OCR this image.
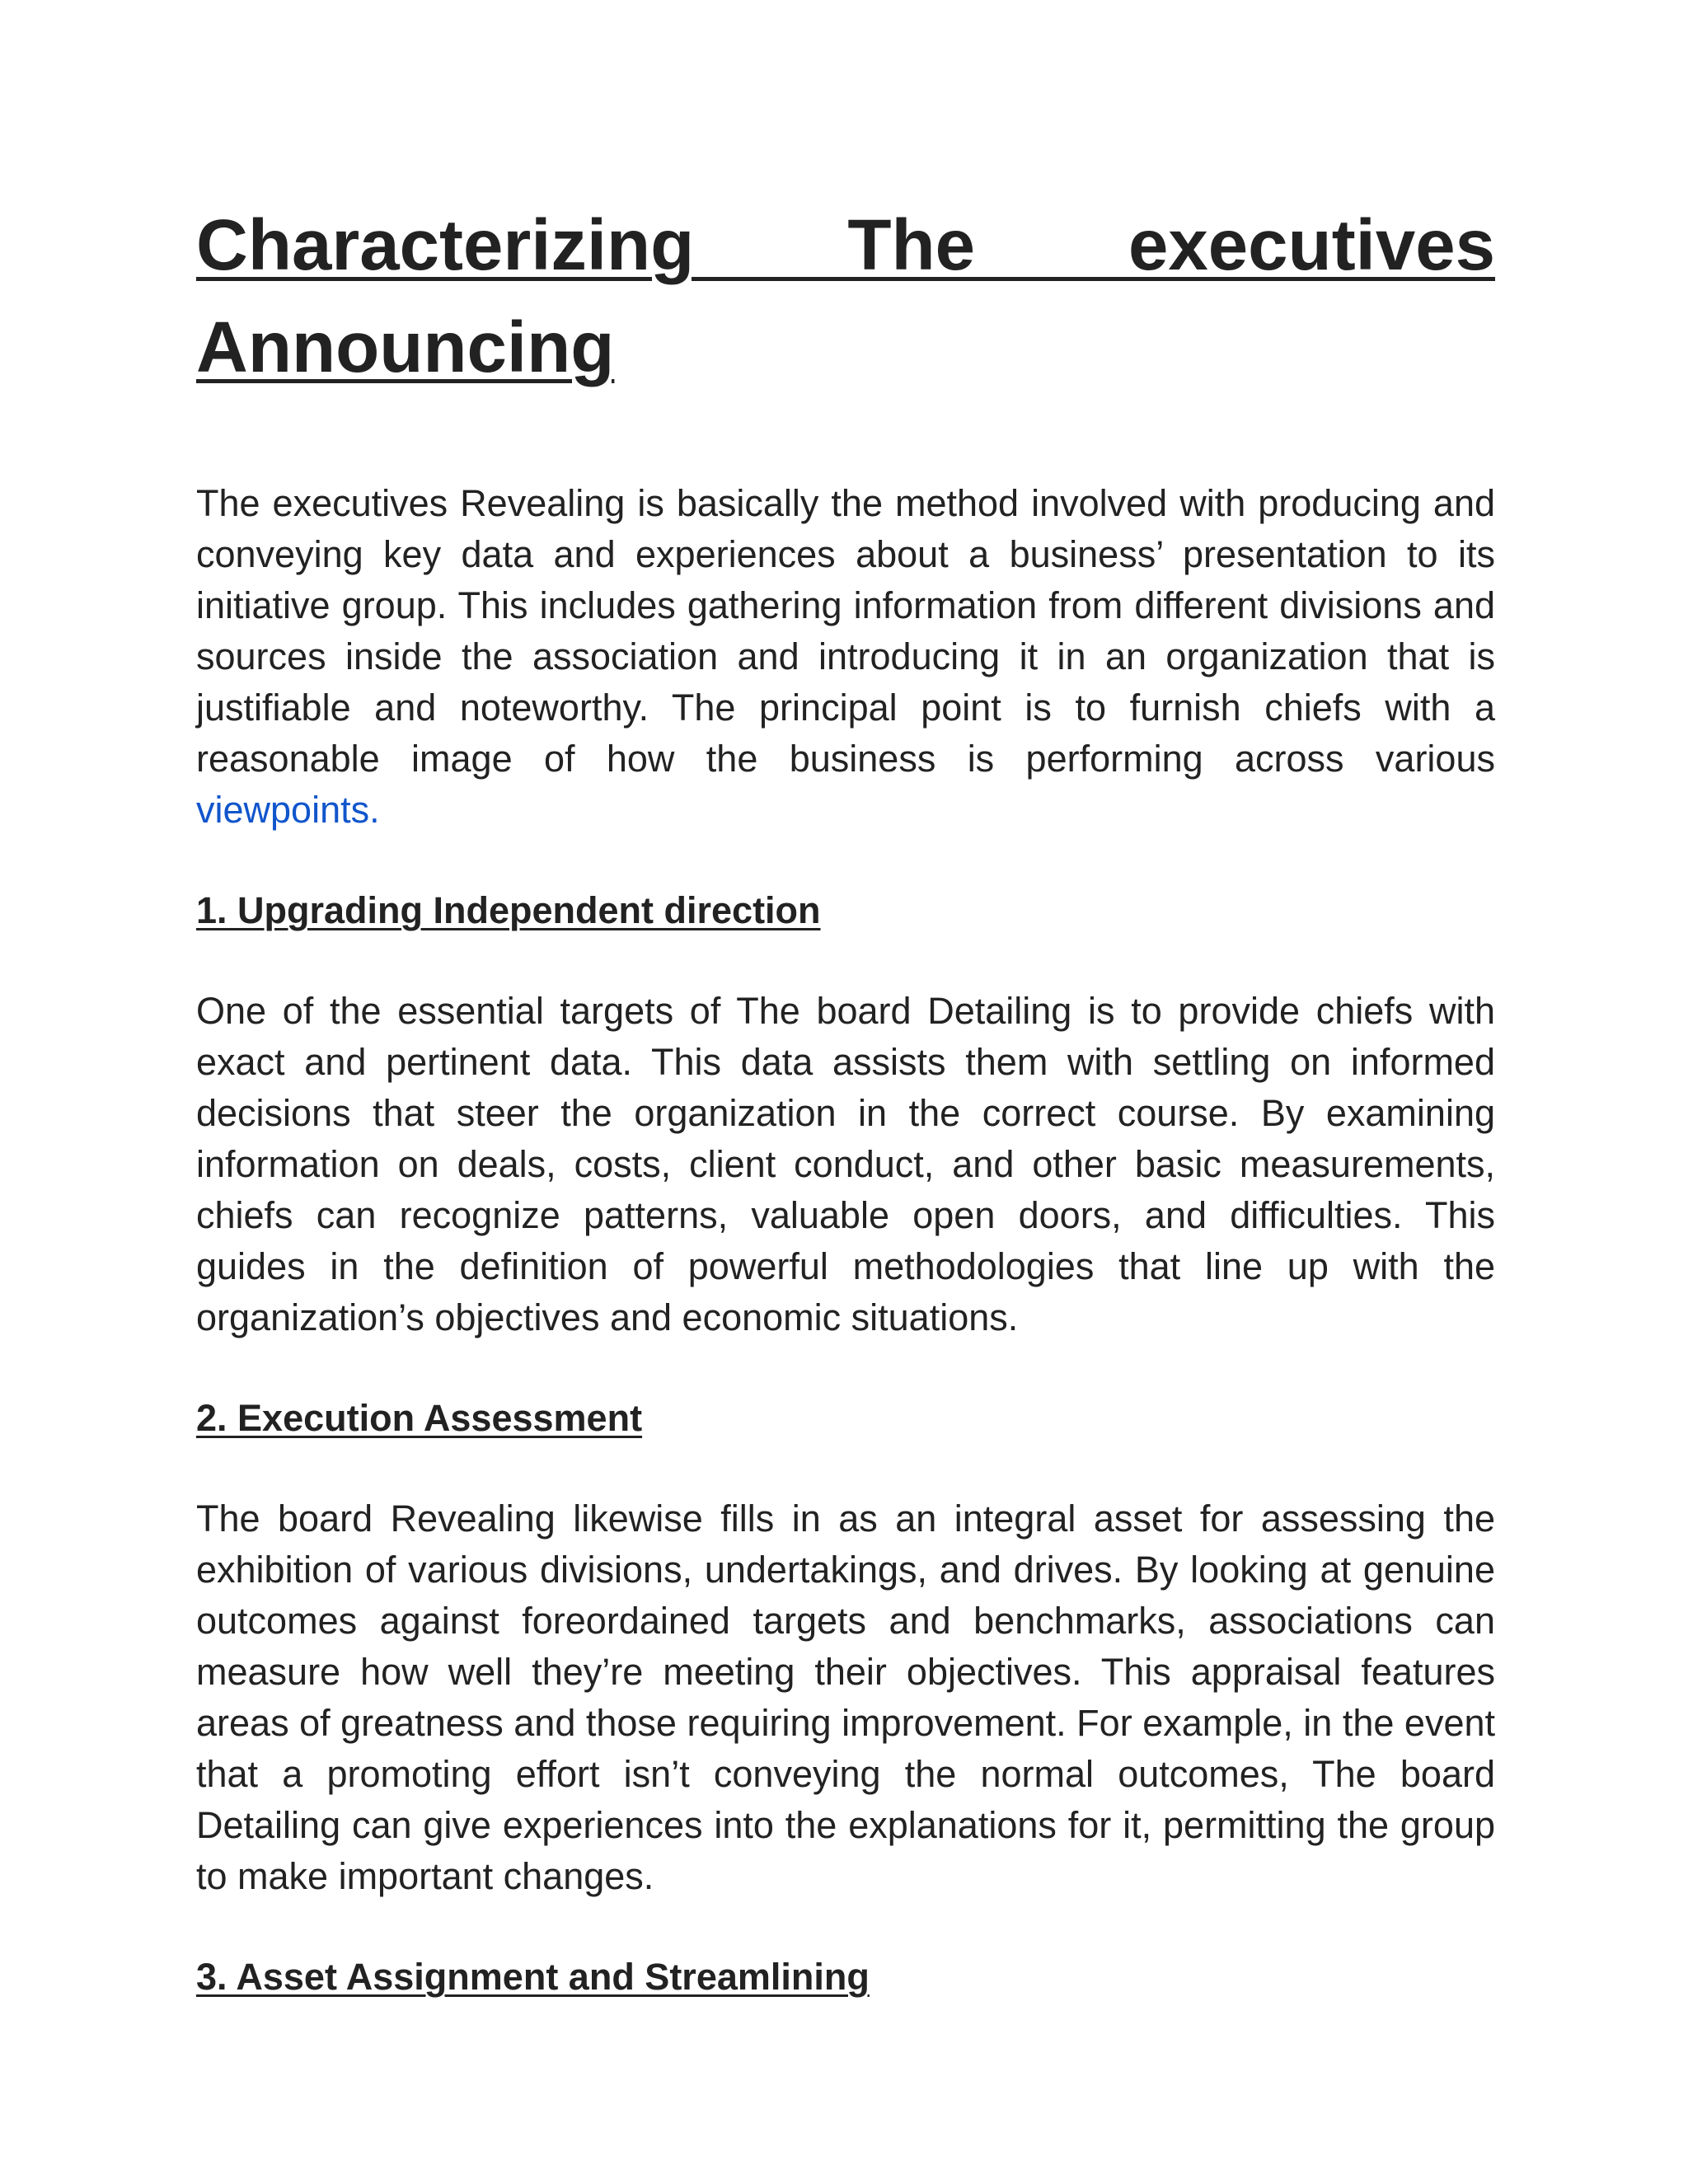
Characterizing The executives Announcing

The executives Revealing is basically the method involved with producing and conveying key data and experiences about a business’ presentation to its initiative group. This includes gathering information from different divisions and sources inside the association and introducing it in an organization that is justifiable and noteworthy. The principal point is to furnish chiefs with a reasonable image of how the business is performing across various viewpoints.

1. Upgrading Independent direction

One of the essential targets of The board Detailing is to provide chiefs with exact and pertinent data. This data assists them with settling on informed decisions that steer the organization in the correct course. By examining information on deals, costs, client conduct, and other basic measurements, chiefs can recognize patterns, valuable open doors, and difficulties. This guides in the definition of powerful methodologies that line up with the organization’s objectives and economic situations.

2. Execution Assessment

The board Revealing likewise fills in as an integral asset for assessing the exhibition of various divisions, undertakings, and drives. By looking at genuine outcomes against foreordained targets and benchmarks, associations can measure how well they’re meeting their objectives. This appraisal features areas of greatness and those requiring improvement. For example, in the event that a promoting effort isn’t conveying the normal outcomes, The board Detailing can give experiences into the explanations for it, permitting the group to make important changes.

3. Asset Assignment and Streamlining
